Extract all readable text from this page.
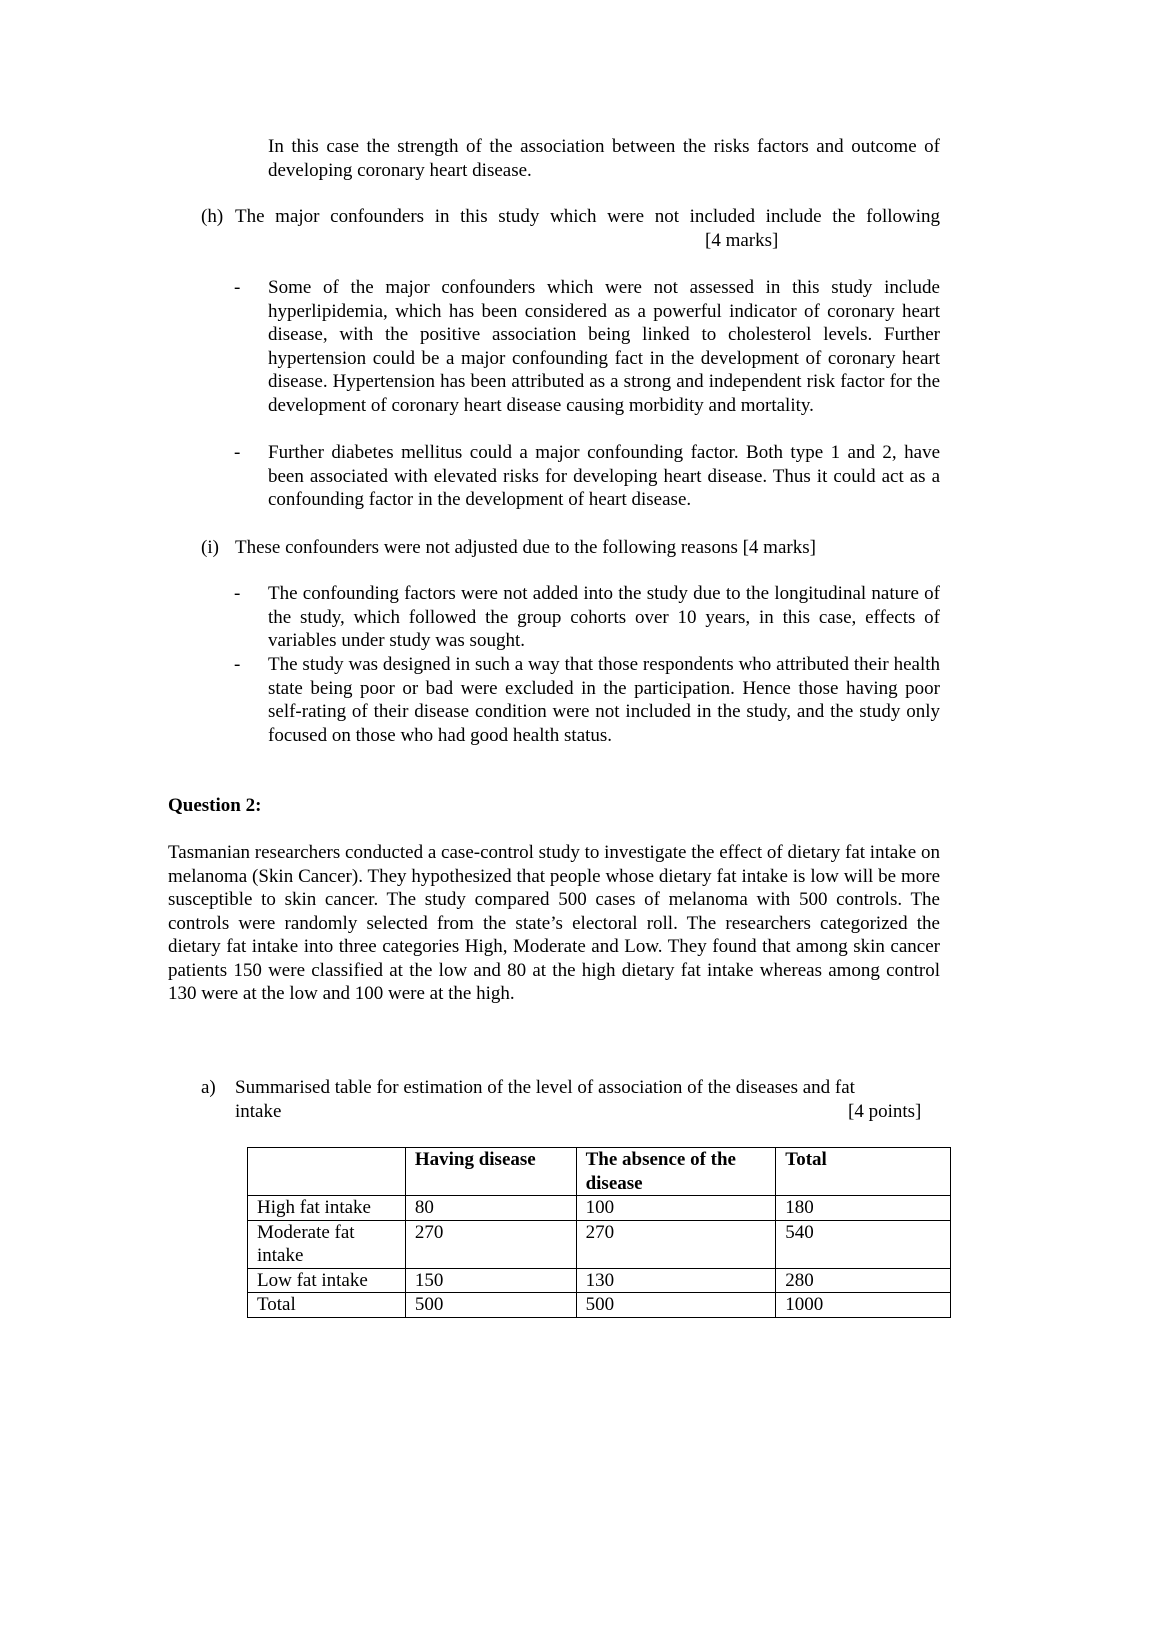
In this case the strength of the association between the risks factors and outcome of developing coronary heart disease.
(h) The major confounders in this study which were not included include the following
[4 marks]
- Some of the major confounders which were not assessed in this study include hyperlipidemia, which has been considered as a powerful indicator of coronary heart disease, with the positive association being linked to cholesterol levels. Further hypertension could be a major confounding fact in the development of coronary heart disease. Hypertension has been attributed as a strong and independent risk factor for the development of coronary heart disease causing morbidity and mortality.
- Further diabetes mellitus could a major confounding factor. Both type 1 and 2, have been associated with elevated risks for developing heart disease. Thus it could act as a confounding factor in the development of heart disease.
(i) These confounders were not adjusted due to the following reasons [4 marks]
- The confounding factors were not added into the study due to the longitudinal nature of the study, which followed the group cohorts over 10 years, in this case, effects of variables under study was sought.
- The study was designed in such a way that those respondents who attributed their health state being poor or bad were excluded in the participation. Hence those having poor self-rating of their disease condition were not included in the study, and the study only focused on those who had good health status.
Question 2:
Tasmanian researchers conducted a case-control study to investigate the effect of dietary fat intake on melanoma (Skin Cancer). They hypothesized that people whose dietary fat intake is low will be more susceptible to skin cancer. The study compared 500 cases of melanoma with 500 controls. The controls were randomly selected from the state’s electoral roll. The researchers categorized the dietary fat intake into three categories High, Moderate and Low. They found that among skin cancer patients 150 were classified at the low and 80 at the high dietary fat intake whereas among control 130 were at the low and 100 were at the high.
a) Summarised table for estimation of the level of association of the diseases and fat
intake	[4 points]
	Having disease	The absence of the disease	Total
High fat intake	80	100	180
Moderate fat intake	270	270	540
Low fat intake	150	130	280
Total	500	500	1000
